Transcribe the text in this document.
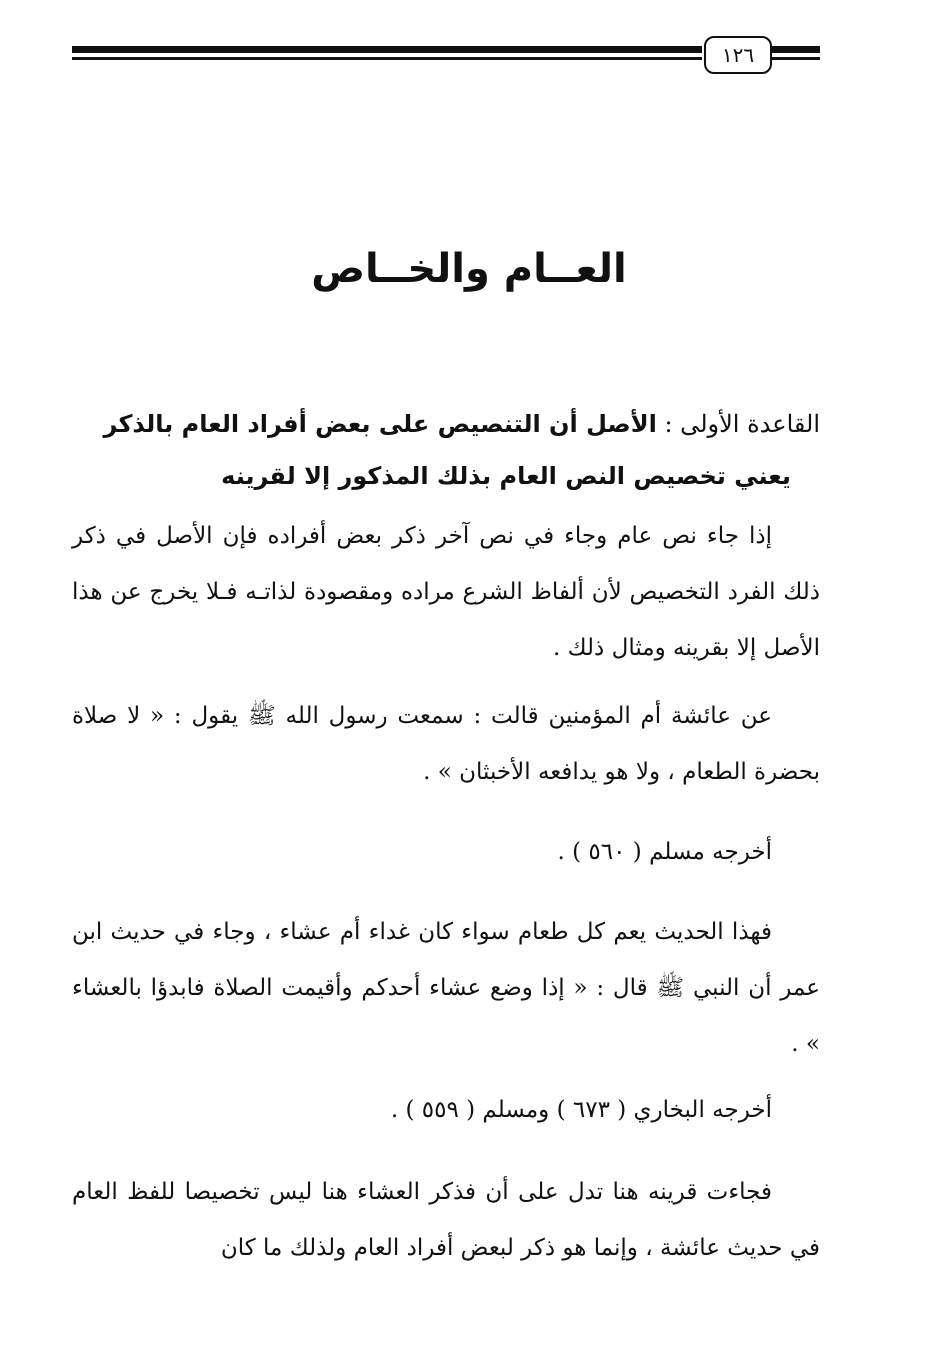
١٢٦
العــام والخــاص
القاعدة الأولى : الأصل أن التنصيص على بعض أفراد العام بالذكر
يعني تخصيص النص العام بذلك المذكور إلا لقرينه

إذا جاء نص عام وجاء في نص آخر ذكر بعض أفراده فإن الأصل في ذكر ذلك الفرد التخصيص لأن ألفاظ الشرع مراده ومقصودة لذاتـه فـلا يخرج عن هذا الأصل إلا بقرينه ومثال ذلك .

عن عائشة أم المؤمنين قالت : سمعت رسول الله ﷺ يقول : « لا صلاة بحضرة الطعام ، ولا هو يدافعه الأخبثان » .

أخرجه مسلم ( ٥٦٠ ) .

فهذا الحديث يعم كل طعام سواء كان غداء أم عشاء ، وجاء في حديث ابن عمر أن النبي ﷺ قال : « إذا وضع عشاء أحدكم وأقيمت الصلاة فابدؤا بالعشاء » .

أخرجه البخاري ( ٦٧٣ ) ومسلم ( ٥٥٩ ) .

فجاءت قرينه هنا تدل على أن فذكر العشاء هنا ليس تخصيصا للفظ العام في حديث عائشة ، وإنما هو ذكر لبعض أفراد العام ولذلك ما كان
